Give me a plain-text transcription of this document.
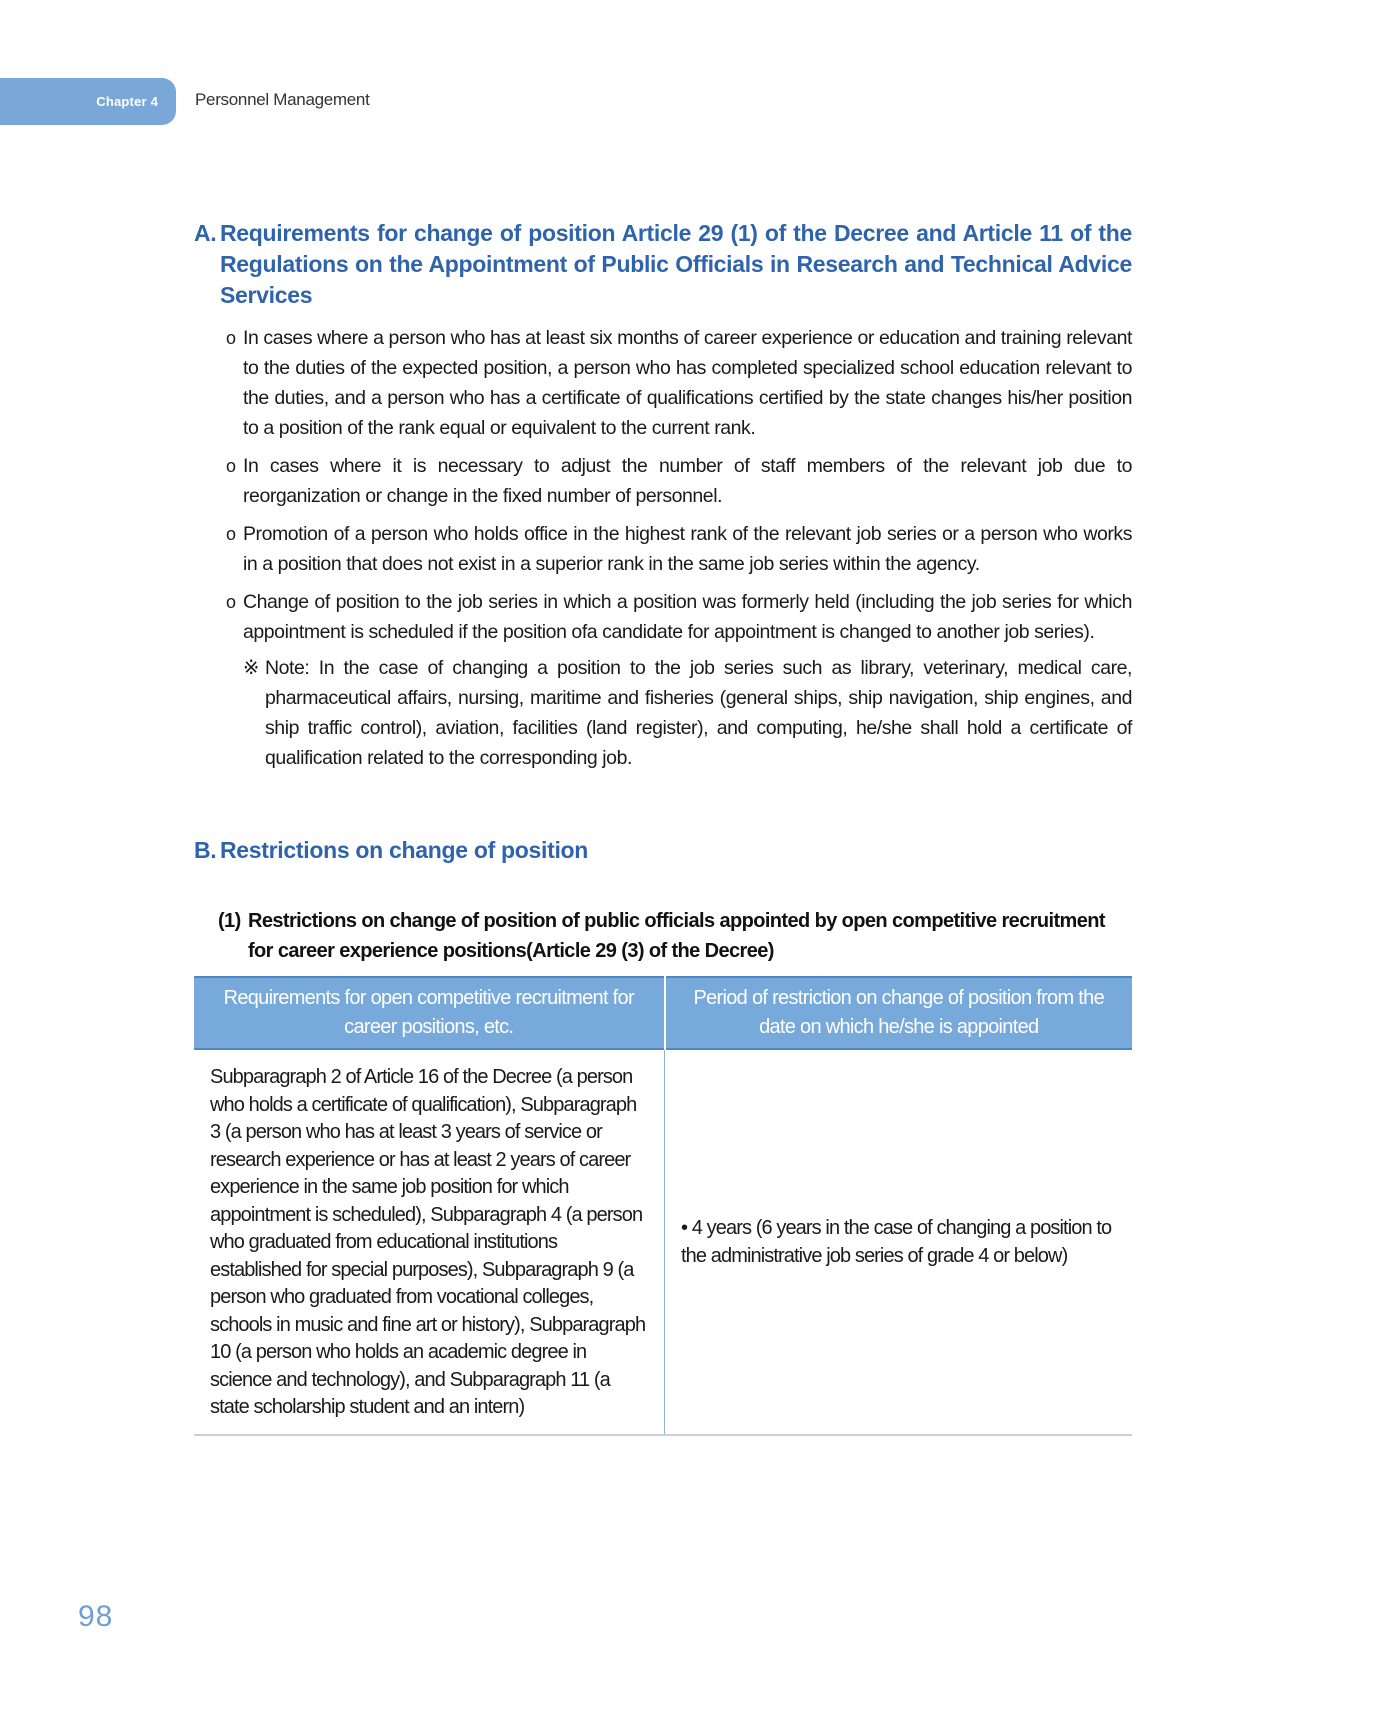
Chapter 4 Personnel Management
A. Requirements for change of position Article 29 (1) of the Decree and Article 11 of the Regulations on the Appointment of Public Officials in Research and Technical Advice Services
o In cases where a person who has at least six months of career experience or education and training relevant to the duties of the expected position, a person who has completed specialized school education relevant to the duties, and a person who has a certificate of qualifications certified by the state changes his/her position to a position of the rank equal or equivalent to the current rank.
o In cases where it is necessary to adjust the number of staff members of the relevant job due to reorganization or change in the fixed number of personnel.
o Promotion of a person who holds office in the highest rank of the relevant job series or a person who works in a position that does not exist in a superior rank in the same job series within the agency.
o Change of position to the job series in which a position was formerly held (including the job series for which appointment is scheduled if the position ofa candidate for appointment is changed to another job series).
※ Note: In the case of changing a position to the job series such as library, veterinary, medical care, pharmaceutical affairs, nursing, maritime and fisheries (general ships, ship navigation, ship engines, and ship traffic control), aviation, facilities (land register), and computing, he/she shall hold a certificate of qualification related to the corresponding job.
B. Restrictions on change of position
(1) Restrictions on change of position of public officials appointed by open competitive recruitment for career experience positions(Article 29 (3) of the Decree)
Requirements for open competitive recruitment for career positions, etc.	Period of restriction on change of position from the date on which he/she is appointed
Subparagraph 2 of Article 16 of the Decree (a person who holds a certificate of qualification), Subparagraph 3 (a person who has at least 3 years of service or research experience or has at least 2 years of career experience in the same job position for which appointment is scheduled), Subparagraph 4 (a person who graduated from educational institutions established for special purposes), Subparagraph 9 (a person who graduated from vocational colleges, schools in music and fine art or history), Subparagraph 10 (a person who holds an academic degree in science and technology), and Subparagraph 11 (a state scholarship student and an intern)	• 4 years (6 years in the case of changing a position to the administrative job series of grade 4 or below)
98
